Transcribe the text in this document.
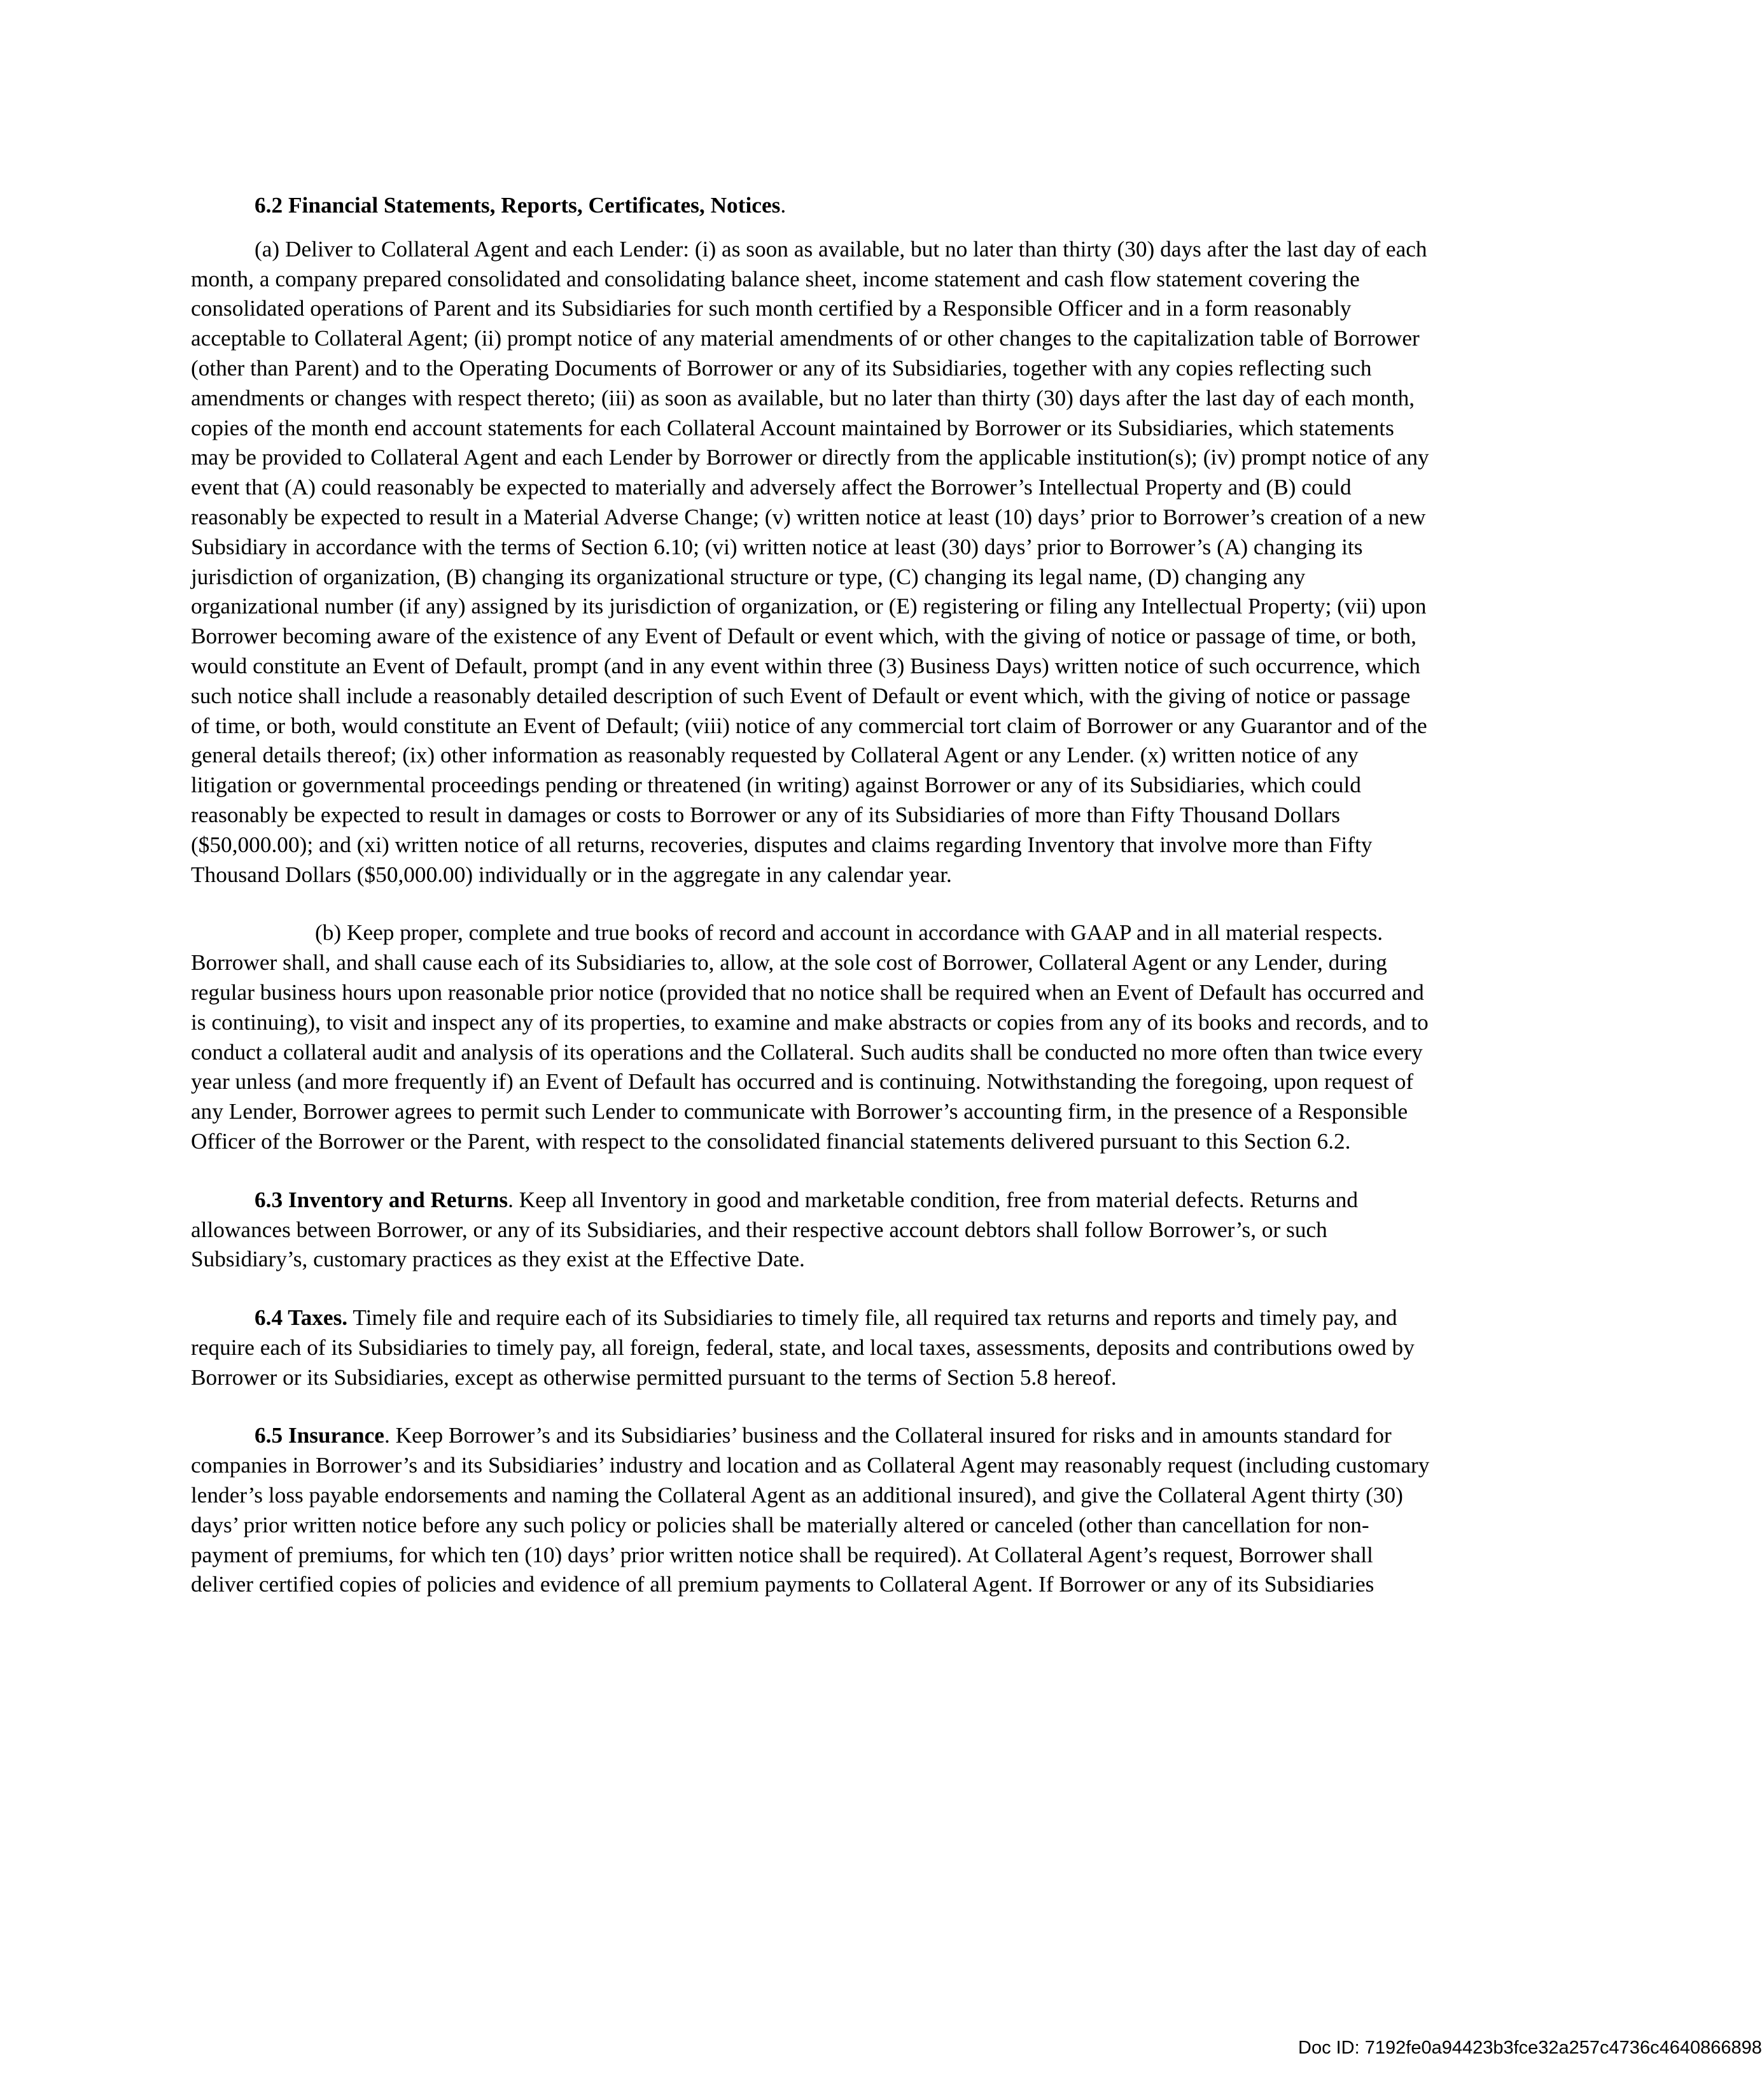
6.2 Financial Statements, Reports, Certificates, Notices.

(a) Deliver to Collateral Agent and each Lender: (i) as soon as available, but no later than thirty (30) days after the last day of each month, a company prepared consolidated and consolidating balance sheet, income statement and cash flow statement covering the consolidated operations of Parent and its Subsidiaries for such month certified by a Responsible Officer and in a form reasonably acceptable to Collateral Agent; (ii) prompt notice of any material amendments of or other changes to the capitalization table of Borrower (other than Parent) and to the Operating Documents of Borrower or any of its Subsidiaries, together with any copies reflecting such amendments or changes with respect thereto; (iii) as soon as available, but no later than thirty (30) days after the last day of each month, copies of the month end account statements for each Collateral Account maintained by Borrower or its Subsidiaries, which statements may be provided to Collateral Agent and each Lender by Borrower or directly from the applicable institution(s); (iv) prompt notice of any event that (A) could reasonably be expected to materially and adversely affect the Borrower’s Intellectual Property and (B) could reasonably be expected to result in a Material Adverse Change; (v) written notice at least (10) days’ prior to Borrower’s creation of a new Subsidiary in accordance with the terms of Section 6.10; (vi) written notice at least (30) days’ prior to Borrower’s (A) changing its jurisdiction of organization, (B) changing its organizational structure or type, (C) changing its legal name, (D) changing any organizational number (if any) assigned by its jurisdiction of organization, or (E) registering or filing any Intellectual Property; (vii) upon Borrower becoming aware of the existence of any Event of Default or event which, with the giving of notice or passage of time, or both, would constitute an Event of Default, prompt (and in any event within three (3) Business Days) written notice of such occurrence, which such notice shall include a reasonably detailed description of such Event of Default or event which, with the giving of notice or passage of time, or both, would constitute an Event of Default; (viii) notice of any commercial tort claim of Borrower or any Guarantor and of the general details thereof; (ix) other information as reasonably requested by Collateral Agent or any Lender. (x) written notice of any litigation or governmental proceedings pending or threatened (in writing) against Borrower or any of its Subsidiaries, which could reasonably be expected to result in damages or costs to Borrower or any of its Subsidiaries of more than Fifty Thousand Dollars ($50,000.00); and (xi) written notice of all returns, recoveries, disputes and claims regarding Inventory that involve more than Fifty Thousand Dollars ($50,000.00) individually or in the aggregate in any calendar year.

(b) Keep proper, complete and true books of record and account in accordance with GAAP and in all material respects. Borrower shall, and shall cause each of its Subsidiaries to, allow, at the sole cost of Borrower, Collateral Agent or any Lender, during regular business hours upon reasonable prior notice (provided that no notice shall be required when an Event of Default has occurred and is continuing), to visit and inspect any of its properties, to examine and make abstracts or copies from any of its books and records, and to conduct a collateral audit and analysis of its operations and the Collateral. Such audits shall be conducted no more often than twice every year unless (and more frequently if) an Event of Default has occurred and is continuing. Notwithstanding the foregoing, upon request of any Lender, Borrower agrees to permit such Lender to communicate with Borrower’s accounting firm, in the presence of a Responsible Officer of the Borrower or the Parent, with respect to the consolidated financial statements delivered pursuant to this Section 6.2.

6.3 Inventory and Returns. Keep all Inventory in good and marketable condition, free from material defects. Returns and allowances between Borrower, or any of its Subsidiaries, and their respective account debtors shall follow Borrower’s, or such Subsidiary’s, customary practices as they exist at the Effective Date.

6.4 Taxes. Timely file and require each of its Subsidiaries to timely file, all required tax returns and reports and timely pay, and require each of its Subsidiaries to timely pay, all foreign, federal, state, and local taxes, assessments, deposits and contributions owed by Borrower or its Subsidiaries, except as otherwise permitted pursuant to the terms of Section 5.8 hereof.

6.5 Insurance. Keep Borrower’s and its Subsidiaries’ business and the Collateral insured for risks and in amounts standard for companies in Borrower’s and its Subsidiaries’ industry and location and as Collateral Agent may reasonably request (including customary lender’s loss payable endorsements and naming the Collateral Agent as an additional insured), and give the Collateral Agent thirty (30) days’ prior written notice before any such policy or policies shall be materially altered or canceled (other than cancellation for non-payment of premiums, for which ten (10) days’ prior written notice shall be required). At Collateral Agent’s request, Borrower shall deliver certified copies of policies and evidence of all premium payments to Collateral Agent. If Borrower or any of its Subsidiaries

Doc ID: 7192fe0a94423b3fce32a257c4736c4640866898
